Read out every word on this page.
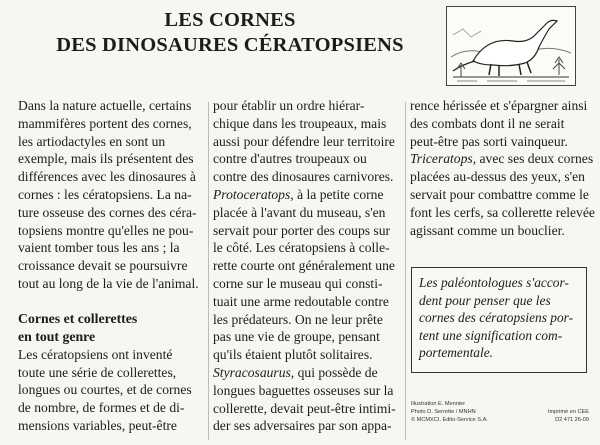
LES CORNES
DES DINOSAURES CÉRATOPSIENS

Dans la nature actuelle, certains
mammifères portent des cornes,
les artiodactyles en sont un
exemple, mais ils présentent des
différences avec les dinosaures à
cornes : les cératopsiens. La na-
ture osseuse des cornes des céra-
topsiens montre qu'elles ne pou-
vaient tomber tous les ans ; la
croissance devait se poursuivre
tout au long de la vie de l'animal.

Cornes et collerettes
en tout genre

Les cératopsiens ont inventé
toute une série de collerettes,
longues ou courtes, et de cornes
de nombre, de formes et de di-
mensions variables, peut-être

pour établir un ordre hiérar-
chique dans les troupeaux, mais
aussi pour défendre leur territoire
contre d'autres troupeaux ou
contre des dinosaures carnivores.
Protoceratops, à la petite corne
placée à l'avant du museau, s'en
servait pour porter des coups sur
le côté. Les cératopsiens à colle-
rette courte ont généralement une
corne sur le museau qui consti-
tuait une arme redoutable contre
les prédateurs. On ne leur prête
pas une vie de groupe, pensant
qu'ils étaient plutôt solitaires.
Styracosaurus, qui possède de
longues baguettes osseuses sur la
collerette, devait peut-être intimi-
der ses adversaires par son appa-

rence hérissée et s'épargner ainsi
des combats dont il ne serait
peut-être pas sorti vainqueur.
Triceratops, avec ses deux cornes
placées au-dessus des yeux, s'en
servait pour combattre comme le
font les cerfs, sa collerette relevée
agissant comme un bouclier.

Les paléontologues s'accor-
dent pour penser que les
cornes des cératopsiens por-
tent une signification com-
portementale.
Illustration E. Mennier
Photo D. Serrette / MNHN	Imprimé en CEE
© MCMXCI. Edito-Service S.A.	D2 471 26-09
